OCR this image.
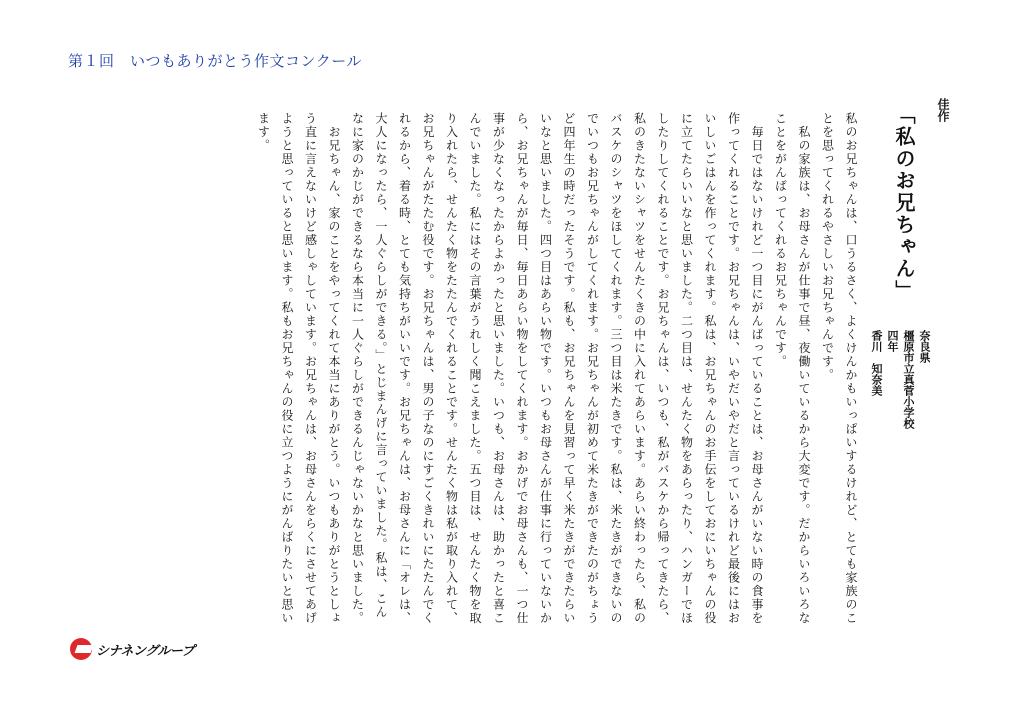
第１回　いつもありがとう作文コンクール
佳作
「私のお兄ちゃん」
奈良県
橿原市立真菅小学校
四年
香川　知奈美

私のお兄ちゃんは、口うるさく、よくけんかもいっぱいするけれど、とても家族のことを思ってくれるやさしいお兄ちゃんです。

　私の家族は、お母さんが仕事で昼、夜働いているから大変です。だからいろいろなことをがんばってくれるお兄ちゃんです。

　毎日ではないけれど一つ目にがんばっていることは、お母さんがいない時の食事を作ってくれることです。お兄ちゃんは、いやだいやだと言っているけれど最後にはおいしいごはんを作ってくれます。私は、お兄ちゃんのお手伝をしておにいちゃんの役に立てたらいいなと思いました。二つ目は、せんたく物をあらったり、ハンガーでほしたりしてくれることです。お兄ちゃんは、いつも、私がバスケから帰ってきたら、私のきたないシャツをせんたくきの中に入れてあらいます。あらい終わったら、私のバスケのシャツをほしてくれます。三つ目は米たきです。私は、米たきができないのでいつもお兄ちゃんがしてくれます。お兄ちゃんが初めて米たきができたのがちょうど四年生の時だったそうです。私も、お兄ちゃんを見習って早く米たきができたらいいなと思いました。四つ目はあらい物です。いつもお母さんが仕事に行っていないから、お兄ちゃんが毎日、毎日あらい物をしてくれます。おかげでお母さんも、一つ仕事が少なくなったからよかったと思いました。いつも、お母さんは、助かったと喜こんでいました。私にはその言葉がうれしく聞こえました。五つ目は、せんたく物を取り入れたら、せんたく物をたたんでくれることです。せんたく物は私が取り入れて、お兄ちゃんがたたむ役です。お兄ちゃんは、男の子なのにすごくきれいにたたんでくれるから、着る時、とても気持ちがいいです。お兄ちゃんは、お母さんに「オレは、大人になったら、一人ぐらしができる。」とじまんげに言っていました。私は、こんなに家のかじができるなら本当に一人ぐらしができるんじゃないかなと思いました。

　お兄ちゃん、家のことをやってくれて本当にありがとう。いつもありがとうとしょう直に言えないけど感しゃしています。お兄ちゃんは、お母さんをらくにさせてあげようと思っていると思います。私もお兄ちゃんの役に立つようにがんばりたいと思います。

シナネングループ
